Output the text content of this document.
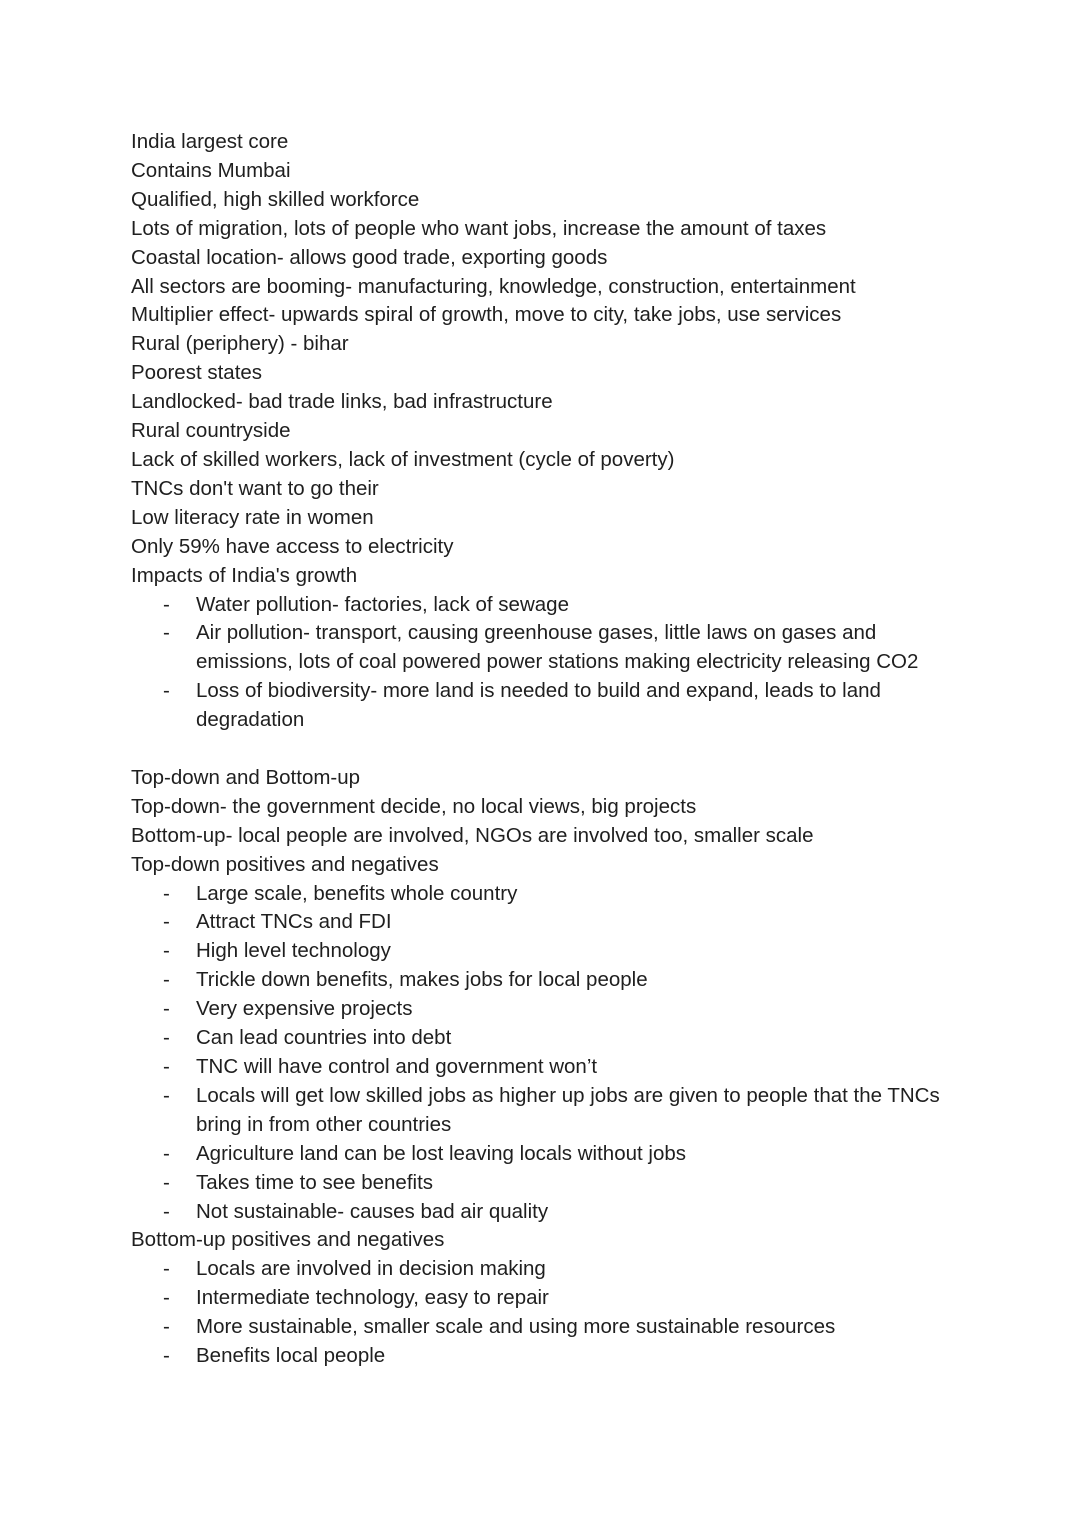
India largest core
Contains Mumbai
Qualified, high skilled workforce
Lots of migration, lots of people who want jobs, increase the amount of taxes
Coastal location- allows good trade, exporting goods
All sectors are booming- manufacturing, knowledge, construction, entertainment
Multiplier effect- upwards spiral of growth, move to city, take jobs, use services
Rural (periphery) - bihar
Poorest states
Landlocked- bad trade links, bad infrastructure
Rural countryside
Lack of skilled workers, lack of investment (cycle of poverty)
TNCs don't want to go their
Low literacy rate in women
Only 59% have access to electricity
Impacts of India's growth
- Water pollution- factories, lack of sewage
- Air pollution- transport, causing greenhouse gases, little laws on gases and emissions, lots of coal powered power stations making electricity releasing CO2
- Loss of biodiversity- more land is needed to build and expand, leads to land degradation
Top-down and Bottom-up
Top-down- the government decide, no local views, big projects
Bottom-up- local people are involved, NGOs are involved too, smaller scale
Top-down positives and negatives
- Large scale, benefits whole country
- Attract TNCs and FDI
- High level technology
- Trickle down benefits, makes jobs for local people
- Very expensive projects
- Can lead countries into debt
- TNC will have control and government won’t
- Locals will get low skilled jobs as higher up jobs are given to people that the TNCs bring in from other countries
- Agriculture land can be lost leaving locals without jobs
- Takes time to see benefits
- Not sustainable- causes bad air quality
Bottom-up positives and negatives
- Locals are involved in decision making
- Intermediate technology, easy to repair
- More sustainable, smaller scale and using more sustainable resources
- Benefits local people
